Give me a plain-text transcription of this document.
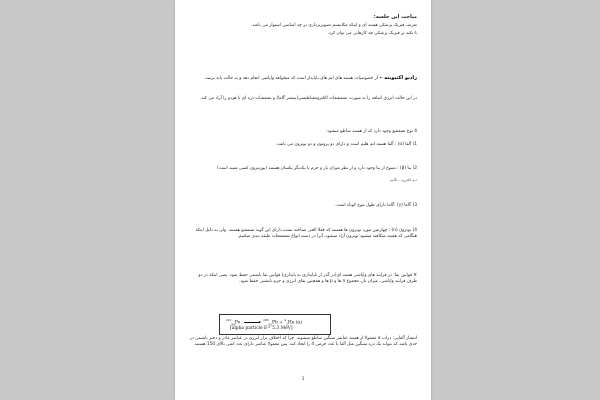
مباحث این جلسه:
تعریف فیزیک پزشکی هسته ای و اینکه مکانیسم تصویربرداری بر چه اساسی استوار می باشد.
با تکیه بر فیزیک پزشکی چه کارهایی می توان کرد.
رادیو اکتیویته ← از خصوصیات هسته های اتم های ناپایدار است که میخواهد واپاشی انجام دهد و به حالت پایه برسد.
در این حالت انرژی اضافه را به صورت تشعشعات الکترومغناطیسی(بیشتر گاما) و تشعشات ذره ای یا هردو را آزاد می کند.
4 نوع تشعشع وجود دارد که از هسته ساطع میشود:
1) آلفا (α) : آلفا هسته اتم هلیم است و دارای دو پروتون و دو نوترون می باشد.
2) بتا (β) : متنوع از بتا وجود دارد و از نظر میزان بار و جرم با یکدیگر یکسان هستند (پوزیترون کسی شبیه است)
دیم الکترون - نگاتیو
3) گاما (γ) :گاما دارای طول موج کوتاه است.
4) نوترون (n) : چهارمین مورد نوترون ها هستند که فعلا الحی شناخته نشده دارای این گونه تشعشع هستند. ولی به دلیل اینکه هنگامی که هسته شکافته میشود نوترون آزاد میشود، آنرا در دسته انواع تشعشعات طبقه بندی میکنیم.
✕ قوانین بقا: در فرایند های واپاشی هسته ای(در گذر از ناپایداری به پایداری) قوانین بقا بایستی حفظ شود. یعنی اینکه در دو طرف فرایند واپاشی، میزان بار، مجموع n ها و p ها و همچنین بقای انرژی و جرم بایستی حفظ شود.
$^{210}_{84}$Po  $^{206}_{82}$Pb + $^4_2$He (α)
[alpha particle E= 5.3 MeV]
انتشار آلفایی: ذرات α معمولا از هسته عناصر سنگین ساطع میشوند. چرا که اختلاف تراز انرژی در عناصر مادر و دختر بایستی در حدی باشد که بتواند یک ذره سنگین مثل آلفا با عدد جرمی 4 را ایجاد کند. پس معمولا عناصر دارای عدد اتمی بالای 150 هستند.
1
